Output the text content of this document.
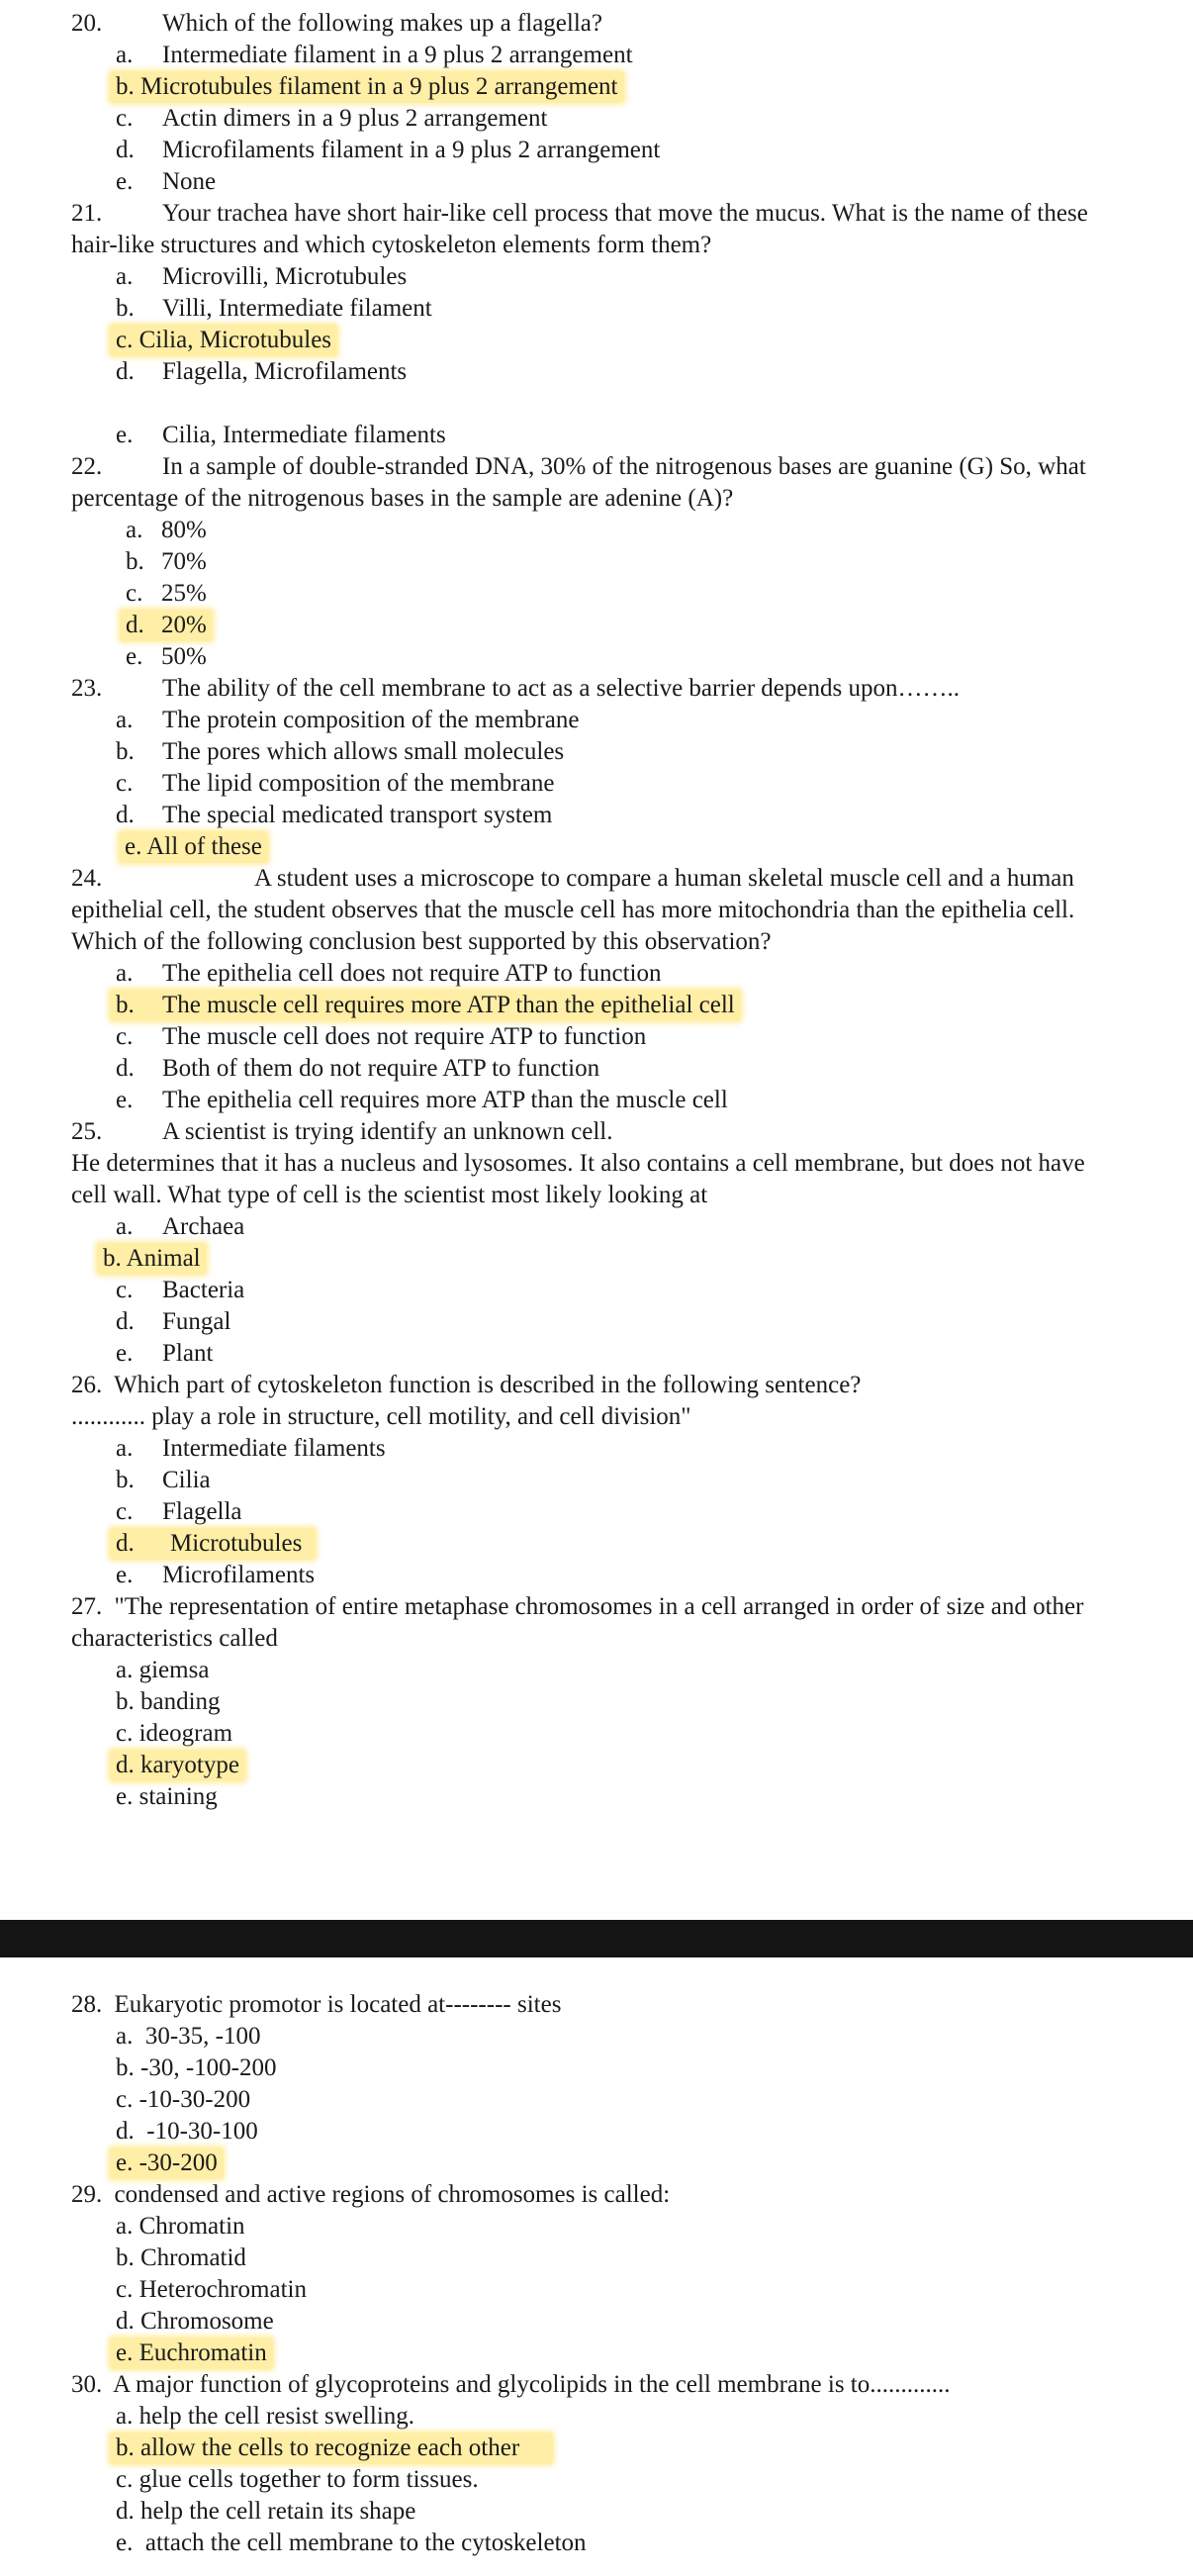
20. Which of the following makes up a flagella?
a. Intermediate filament in a 9 plus 2 arrangement
b. Microtubules filament in a 9 plus 2 arrangement
c. Actin dimers in a 9 plus 2 arrangement
d. Microfilaments filament in a 9 plus 2 arrangement
e. None
21. Your trachea have short hair-like cell process that move the mucus. What is the name of these
hair-like structures and which cytoskeleton elements form them?
a. Microvilli, Microtubules
b. Villi, Intermediate filament
c. Cilia, Microtubules
d. Flagella, Microfilaments
e. Cilia, Intermediate filaments
22. In a sample of double-stranded DNA, 30% of the nitrogenous bases are guanine (G) So, what
percentage of the nitrogenous bases in the sample are adenine (A)?
a. 80%
b. 70%
c. 25%
d. 20%
e. 50%
23. The ability of the cell membrane to act as a selective barrier depends upon……..
a. The protein composition of the membrane
b. The pores which allows small molecules
c. The lipid composition of the membrane
d. The special medicated transport system
e. All of these
24.	A student uses a microscope to compare a human skeletal muscle cell and a human
epithelial cell, the student observes that the muscle cell has more mitochondria than the epithelia cell.
Which of the following conclusion best supported by this observation?
a. The epithelia cell does not require ATP to function
b. The muscle cell requires more ATP than the epithelial cell
c. The muscle cell does not require ATP to function
d. Both of them do not require ATP to function
e. The epithelia cell requires more ATP than the muscle cell
25. A scientist is trying identify an unknown cell.
He determines that it has a nucleus and lysosomes. It also contains a cell membrane, but does not have
cell wall. What type of cell is the scientist most likely looking at
a. Archaea
b. Animal
c. Bacteria
d. Fungal
e. Plant
26. Which part of cytoskeleton function is described in the following sentence?
............ play a role in structure, cell motility, and cell division"
a. Intermediate filaments
b. Cilia
c. Flagella
d. Microtubules
e. Microfilaments
27. "The representation of entire metaphase chromosomes in a cell arranged in order of size and other
characteristics called
a. giemsa
b. banding
c. ideogram
d. karyotype
e. staining
28. Eukaryotic promotor is located at-------- sites
a. 30-35, -100
b. -30, -100-200
c. -10-30-200
d. -10-30-100
e. -30-200
29. condensed and active regions of chromosomes is called:
a. Chromatin
b. Chromatid
c. Heterochromatin
d. Chromosome
e. Euchromatin
30. A major function of glycoproteins and glycolipids in the cell membrane is to.............
a. help the cell resist swelling.
b. allow the cells to recognize each other
c. glue cells together to form tissues.
d. help the cell retain its shape
e. attach the cell membrane to the cytoskeleton
